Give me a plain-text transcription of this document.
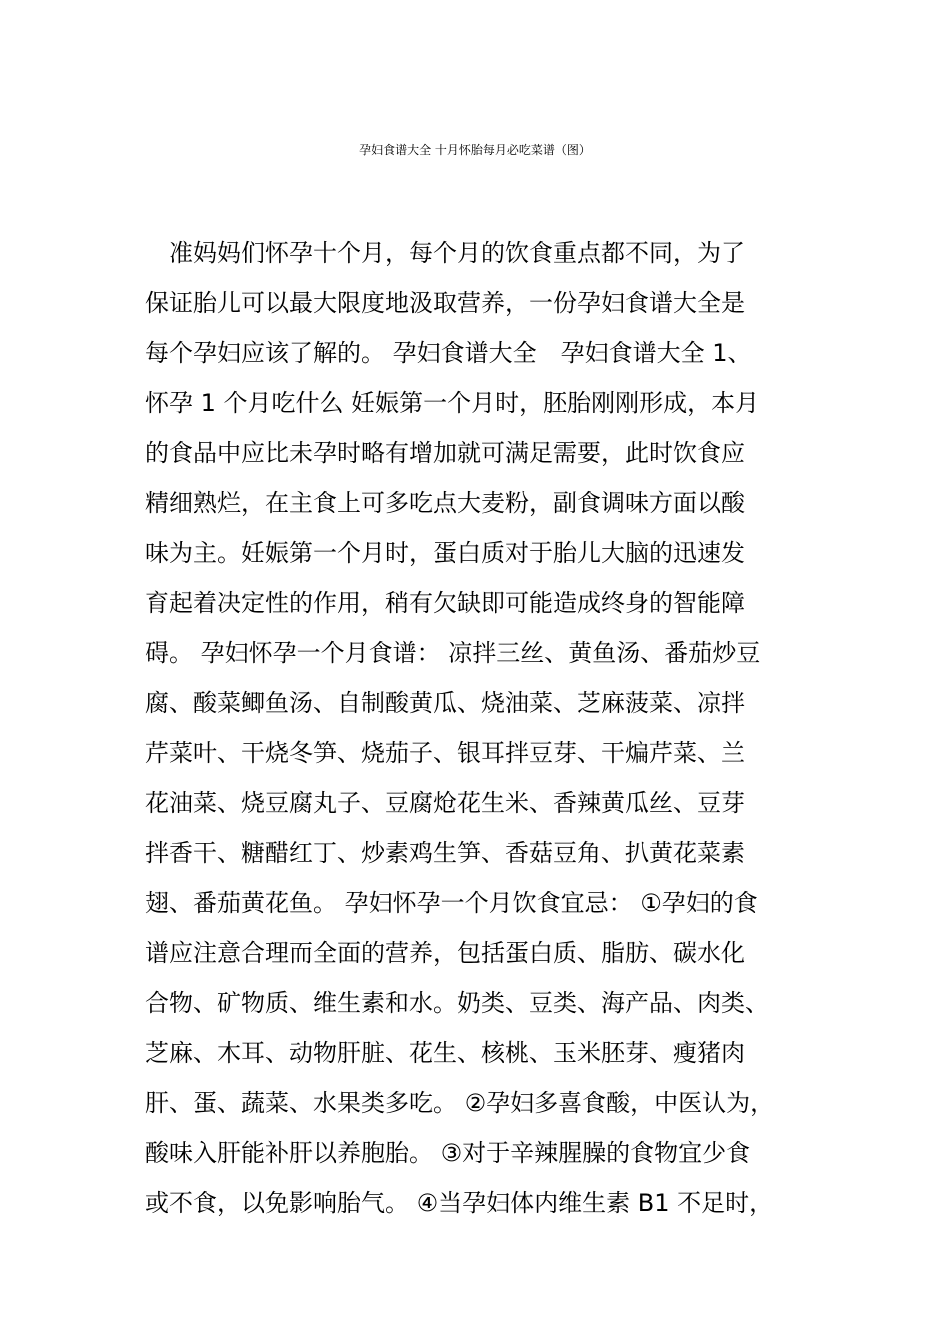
孕妇食谱大全 十月怀胎每月必吃菜谱（图）
　准妈妈们怀孕十个月，每个月的饮食重点都不同，为了
保证胎儿可以最大限度地汲取营养，一份孕妇食谱大全是
每个孕妇应该了解的。 孕妇食谱大全　孕妇食谱大全 1、
怀孕 1 个月吃什么 妊娠第一个月时，胚胎刚刚形成，本月
的食品中应比未孕时略有增加就可满足需要，此时饮食应
精细熟烂，在主食上可多吃点大麦粉，副食调味方面以酸
味为主。妊娠第一个月时，蛋白质对于胎儿大脑的迅速发
育起着决定性的作用，稍有欠缺即可能造成终身的智能障
碍。 孕妇怀孕一个月食谱： 凉拌三丝、黄鱼汤、番茄炒豆
腐、酸菜鲫鱼汤、自制酸黄瓜、烧油菜、芝麻菠菜、凉拌
芹菜叶、干烧冬笋、烧茄子、银耳拌豆芽、干煸芹菜、兰
花油菜、烧豆腐丸子、豆腐炝花生米、香辣黄瓜丝、豆芽
拌香干、糖醋红丁、炒素鸡生笋、香菇豆角、扒黄花菜素
翅、番茄黄花鱼。 孕妇怀孕一个月饮食宜忌： ①孕妇的食
谱应注意合理而全面的营养，包括蛋白质、脂肪、碳水化
合物、矿物质、维生素和水。奶类、豆类、海产品、肉类、
芝麻、木耳、动物肝脏、花生、核桃、玉米胚芽、瘦猪肉
肝、蛋、蔬菜、水果类多吃。 ②孕妇多喜食酸，中医认为，
酸味入肝能补肝以养胞胎。 ③对于辛辣腥臊的食物宜少食
或不食，以免影响胎气。 ④当孕妇体内维生素 B1 不足时，
